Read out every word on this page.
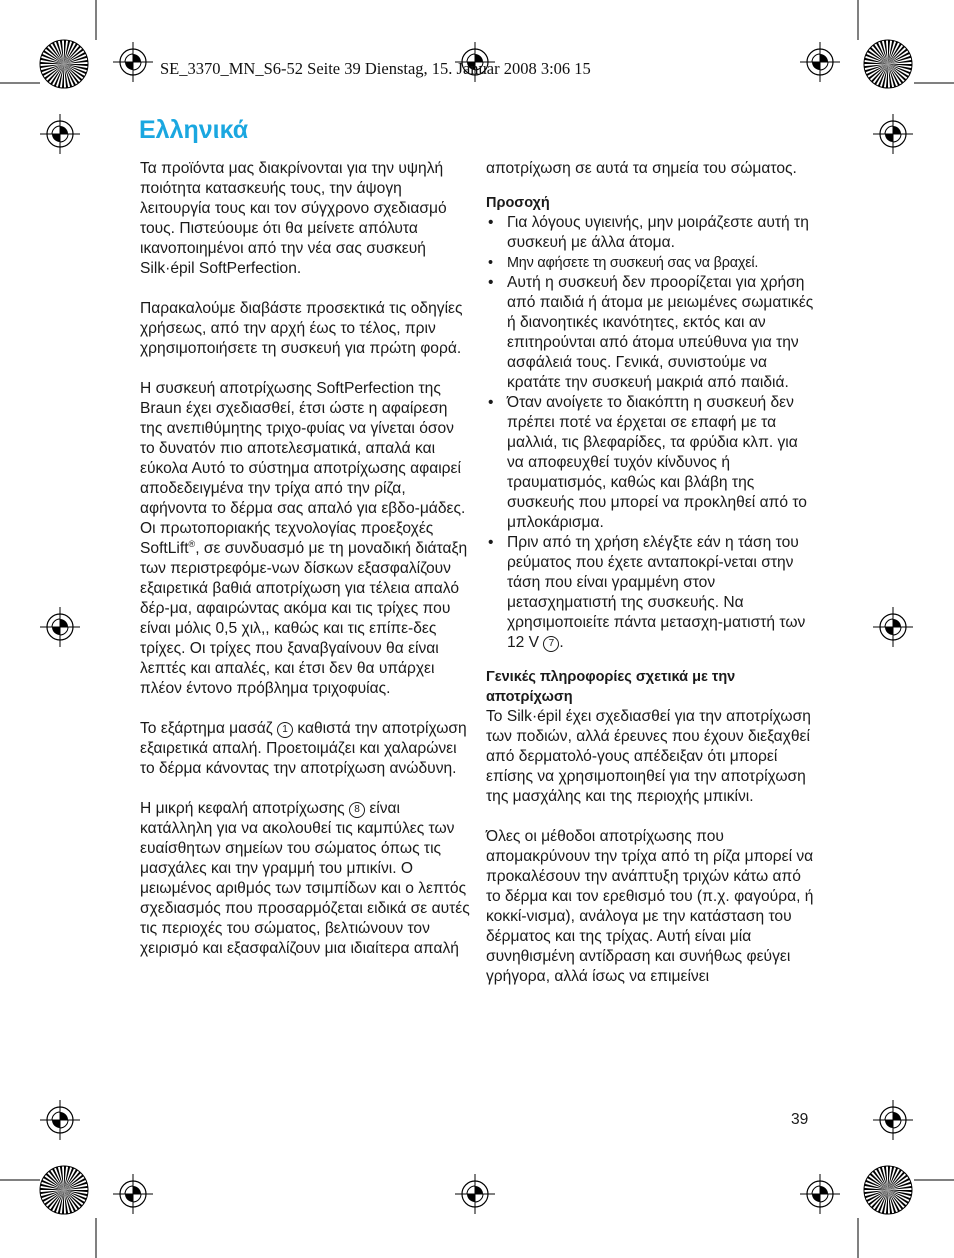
SE_3370_MN_S6-52 Seite 39 Dienstag, 15. Januar 2008 3:06 15
Ελληνικά

Τα προϊόντα μας διακρίνονται για την υψηλή ποιότητα κατασκευής τους, την άψογη λειτουργία τους και τον σύγχρονο σχεδιασμό τους. Πιστεύουμε ότι θα μείνετε απόλυτα ικανοποιημένοι από την νέα σας συσκευή Silk·épil SoftPerfection.

Παρακαλούμε διαβάστε προσεκτικά τις οδηγίες χρήσεως, από την αρχή έως το τέλος, πριν χρησιμοποιήσετε τη συσκευή για πρώτη φορά.

Η συσκευή αποτρίχωσης SoftPerfection της Braun έχει σχεδιασθεί, έτσι ώστε η αφαίρεση της ανεπιθύμητης τριχο-φυίας να γίνεται όσον το δυνατόν πιο αποτελεσματικά, απαλά και εύκολα Αυτό το σύστημα αποτρίχωσης αφαιρεί αποδεδειγμένα την τρίχα από την ρίζα, αφήνοντα το δέρμα σας απαλό για εβδο-μάδες. Οι πρωτοποριακής τεχνολογίας προεξοχές SoftLift®, σε συνδυασμό με τη μοναδική διάταξη των περιστρεφόμε-νων δίσκων εξασφαλίζουν εξαιρετικά βαθιά αποτρίχωση για τέλεια απαλό δέρ-μα, αφαιρώντας ακόμα και τις τρίχες που είναι μόλις 0,5 χιλ,, καθώς και τις επίπε-δες τρίχες. Οι τρίχες που ξαναβγαίνουν θα είναι λεπτές και απαλές, και έτσι δεν θα υπάρχει πλέον έντονο πρόβλημα τριχοφυίας.

Το εξάρτημα μασάζ 1 καθιστά την αποτρίχωση εξαιρετικά απαλή. Προετοιμάζει και χαλαρώνει το δέρμα κάνοντας την αποτρίχωση ανώδυνη.

Η μικρή κεφαλή αποτρίχωσης 8 είναι κατάλληλη για να ακολουθεί τις καμπύλες των ευαίσθητων σημείων του σώματος όπως τις μασχάλες και την γραμμή του μπικίνι. Ο μειωμένος αριθμός των τσιμπίδων και ο λεπτός σχεδιασμός που προσαρμόζεται ειδικά σε αυτές τις περιοχές του σώματος, βελτιώνουν τον χειρισμό και εξασφαλίζουν μια ιδιαίτερα απαλή

αποτρίχωση σε αυτά τα σημεία του σώματος.

Προσοχή

• Για λόγους υγιεινής, μην μοιράζεστε αυτή τη συσκευή με άλλα άτομα.
• Μην αφήσετε τη συσκευή σας να βραχεί.
• Αυτή η συσκευή δεν προορίζεται για χρήση από παιδιά ή άτομα με μειωμένες σωματικές ή διανοητικές ικανότητες, εκτός και αν επιτηρούνται από άτομα υπεύθυνα για την ασφάλειά τους. Γενικά, συνιστούμε να κρατάτε την συσκευή μακριά από παιδιά.
• Όταν ανοίγετε το διακόπτη η συσκευή δεν πρέπει ποτέ να έρχεται σε επαφή με τα μαλλιά, τις βλεφαρίδες, τα φρύδια κλπ. για να αποφευχθεί τυχόν κίνδυνος ή τραυματισμός, καθώς και βλάβη της συσκευής που μπορεί να προκληθεί από το μπλοκάρισμα.
• Πριν από τη χρήση ελέγξτε εάν η τάση του ρεύματος που έχετε ανταποκρί-νεται στην τάση που είναι γραμμένη στον μετασχηματιστή της συσκευής. Να χρησιμοποιείτε πάντα μετασχη-ματιστή των 12 V 7 .

Γενικές πληροφορίες σχετικά με την αποτρίχωση

Το Silk·épil έχει σχεδιασθεί για την αποτρίχωση των ποδιών, αλλά έρευνες που έχουν διεξαχθεί από δερματολό-γους απέδειξαν ότι μπορεί επίσης να χρησιμοποιηθεί για την αποτρίχωση της μασχάλης και της περιοχής μπικίνι.

Όλες οι μέθοδοι αποτρίχωσης που απομακρύνουν την τρίχα από τη ρίζα μπορεί να προκαλέσουν την ανάπτυξη τριχών κάτω από το δέρμα και τον ερεθισμό του (π.χ. φαγούρα, ή κοκκί-νισμα), ανάλογα με την κατάσταση του δέρματος και της τρίχας. Αυτή είναι μία συνηθισμένη αντίδραση και συνήθως φεύγει γρήγορα, αλλά ίσως να επιμείνει

39
